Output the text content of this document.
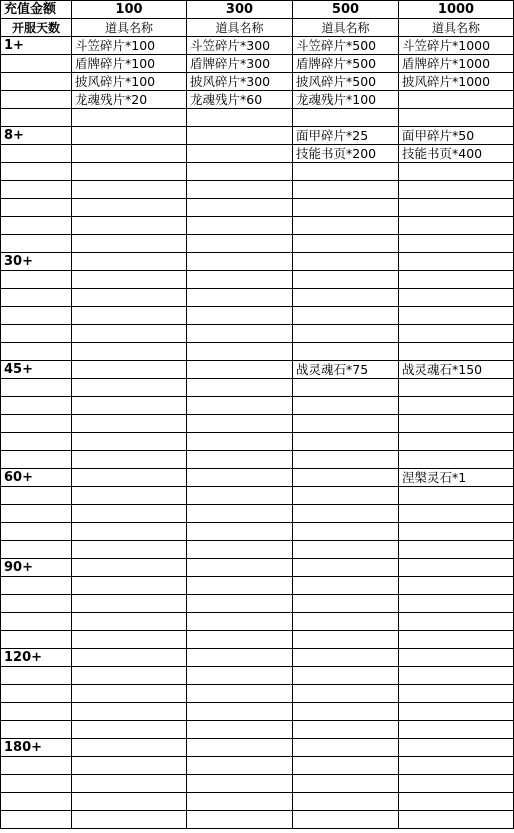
充值金额	100	300	500	1000
开服天数	道具名称	道具名称	道具名称	道具名称
1+	斗笠碎片*100	斗笠碎片*300	斗笠碎片*500	斗笠碎片*1000
	盾牌碎片*100	盾牌碎片*300	盾牌碎片*500	盾牌碎片*1000
	披风碎片*100	披风碎片*300	披风碎片*500	披风碎片*1000
	龙魂残片*20	龙魂残片*60	龙魂残片*100	

8+			面甲碎片*25	面甲碎片*50
			技能书页*200	技能书页*400

30+				

45+			战灵魂石*75	战灵魂石*150

60+				涅槃灵石*1

90+				

120+				

180+				
